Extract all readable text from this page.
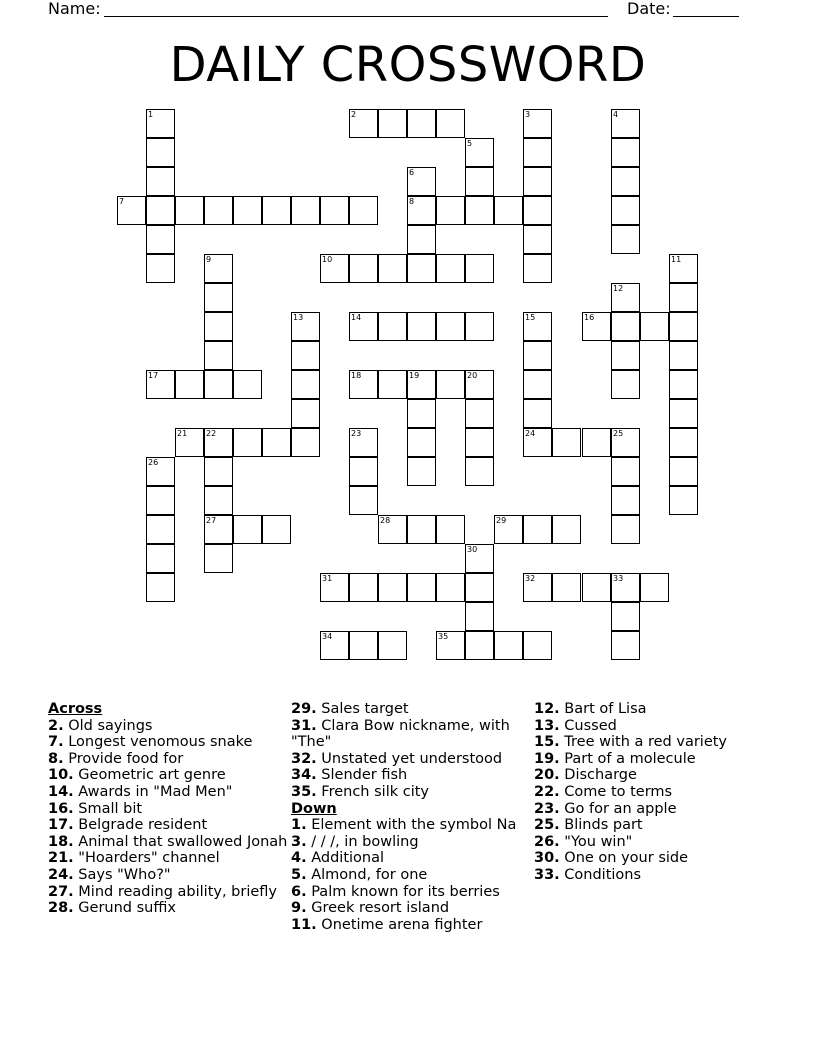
Name:	Date:
DAILY CROSSWORD
1
7
2
5
3	4
6
8
10
9	11
12
16
13	14	15
24	25
17	18	19	20
21 22
27
23
28
26
29
30
31	32	33
34	35
Across
2. Old sayings
7. Longest venomous snake
8. Provide food for
10. Geometric art genre
14. Awards in "Mad Men"
16. Small bit
17. Belgrade resident
18. Animal that swallowed Jonah
21. "Hoarders" channel
24. Says "Who?"
27. Mind reading ability, briefly
28. Gerund suffix
29. Sales target
31. Clara Bow nickname, with "The"
32. Unstated yet understood
34. Slender fish
35. French silk city
Down
1. Element with the symbol Na
3. / / /, in bowling
4. Additional
5. Almond, for one
6. Palm known for its berries
9. Greek resort island
11. Onetime arena fighter
12. Bart of Lisa
13. Cussed
15. Tree with a red variety
19. Part of a molecule
20. Discharge
22. Come to terms
23. Go for an apple
25. Blinds part
26. "You win"
30. One on your side
33. Conditions
